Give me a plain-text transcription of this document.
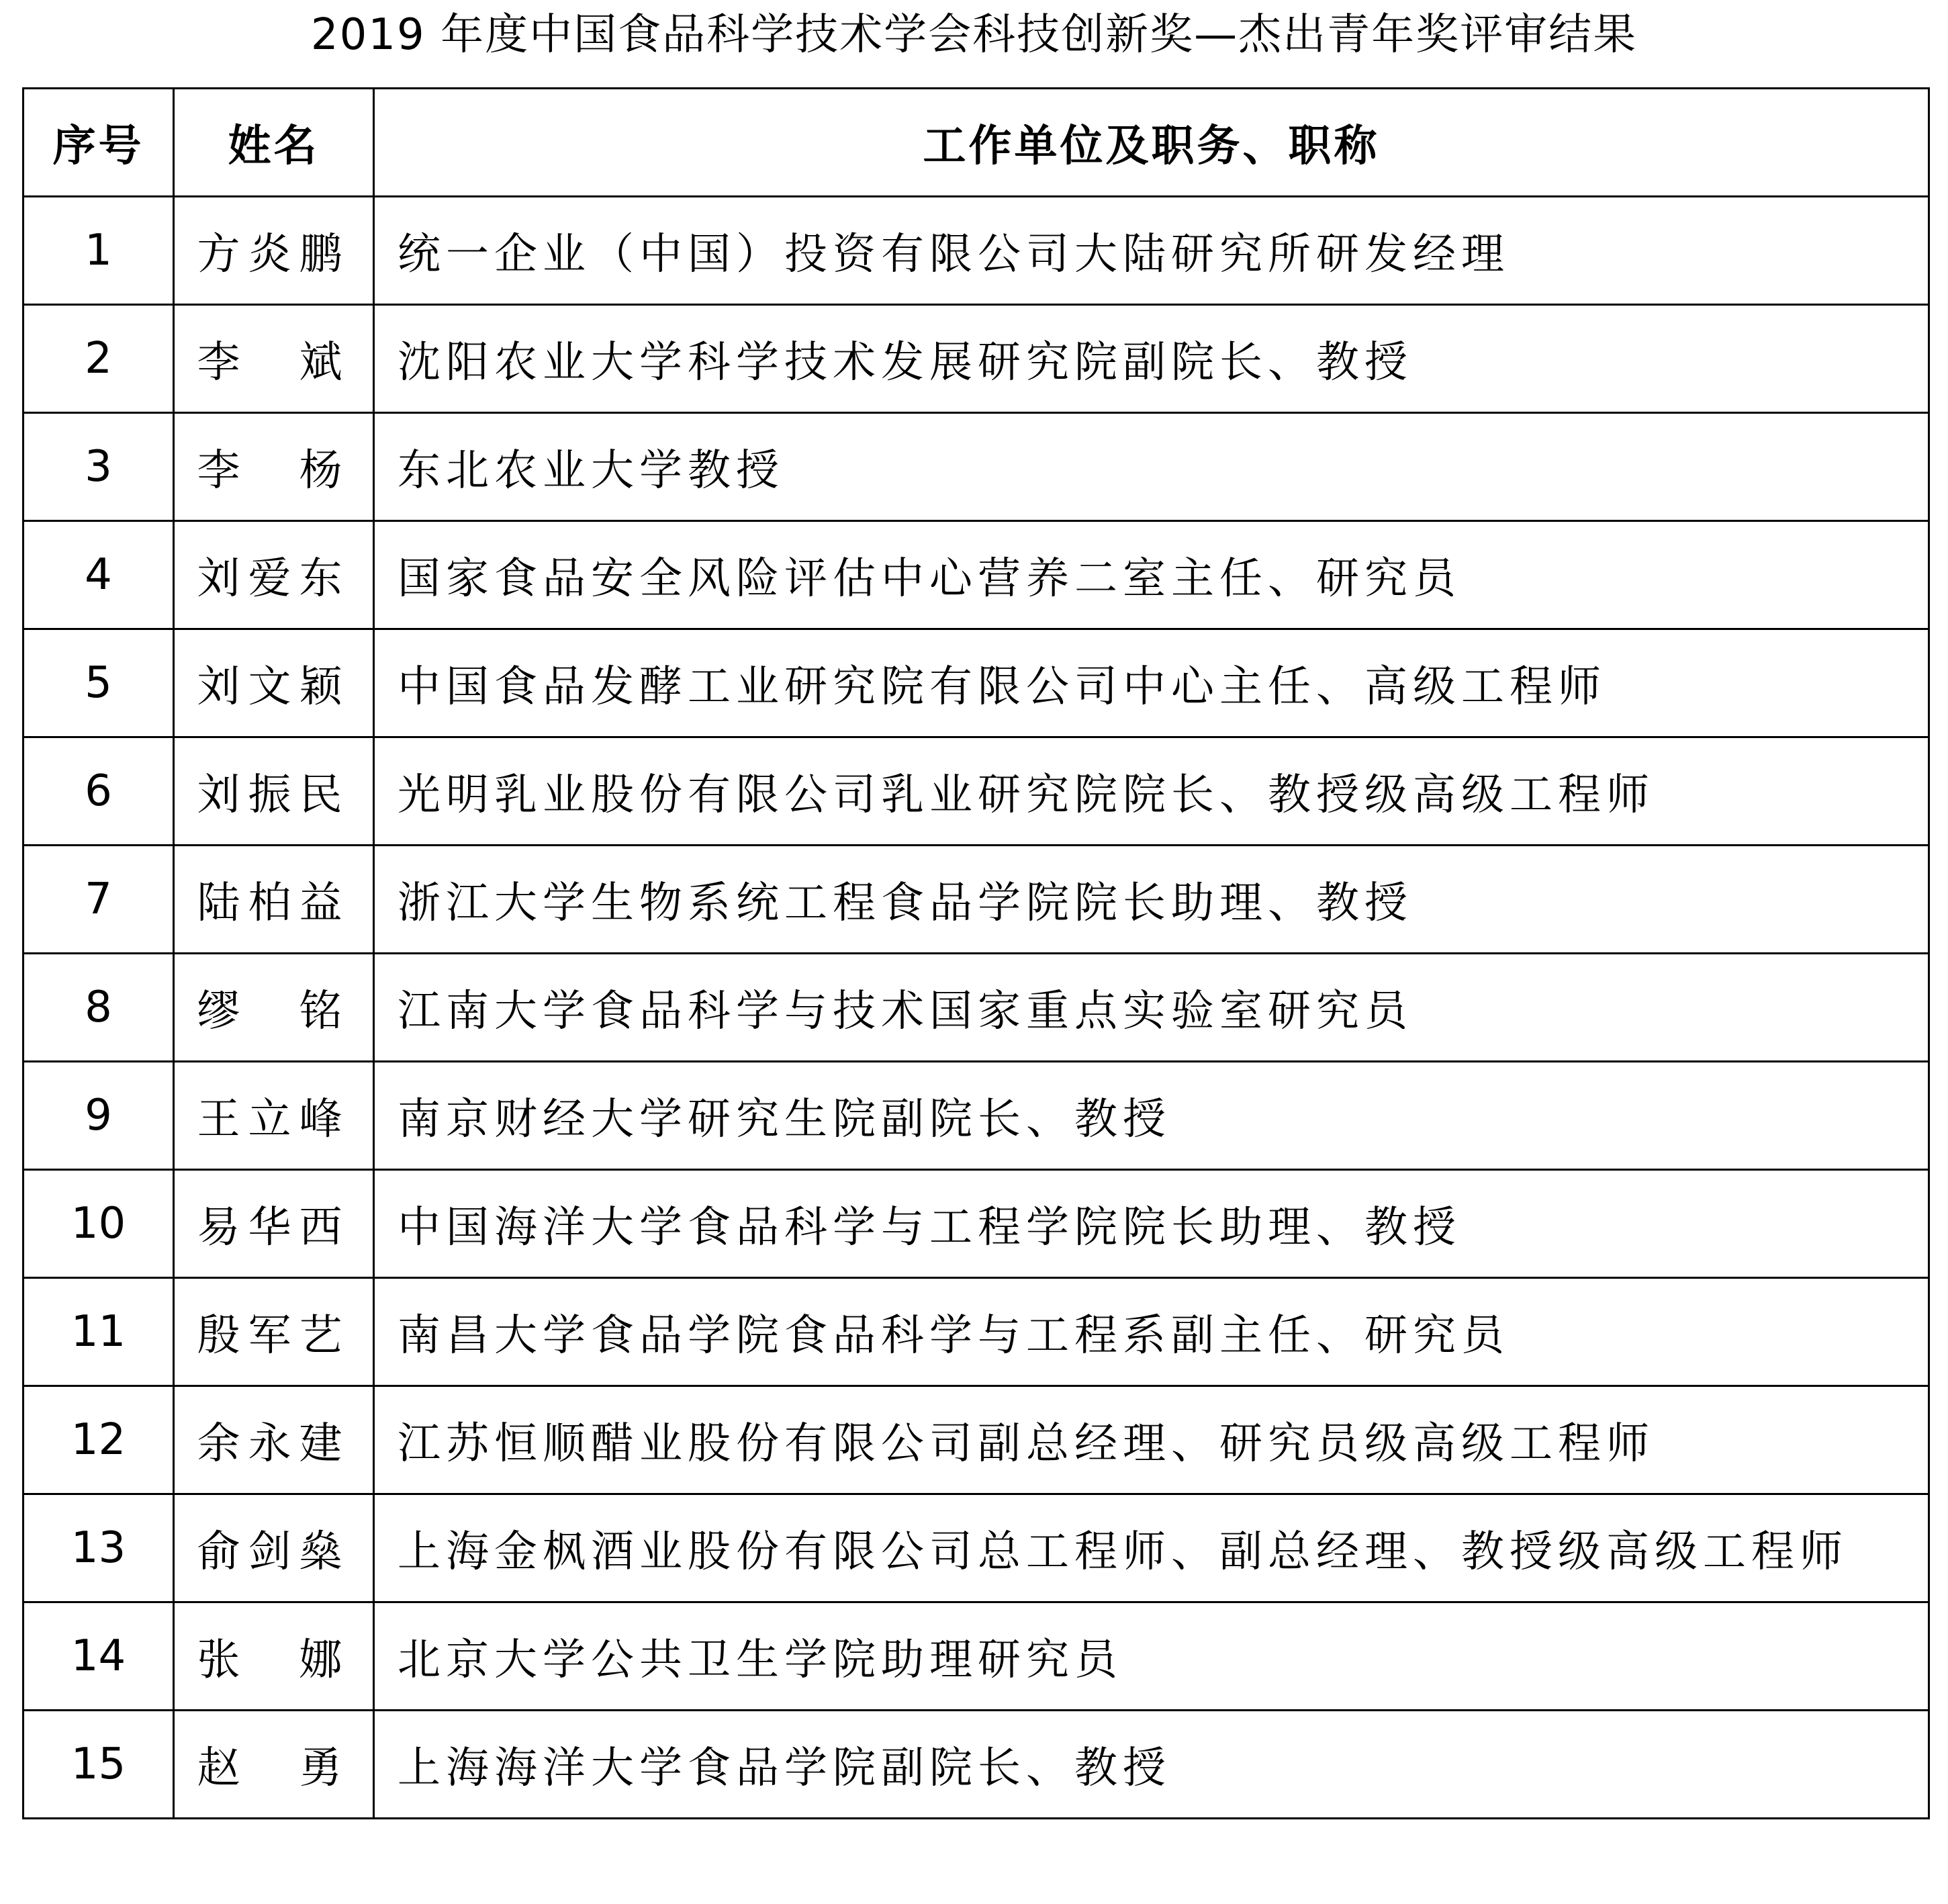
2019 年度中国食品科学技术学会科技创新奖—杰出青年奖评审结果
序号	姓名	工作单位及职务、职称
1	方炎鹏	统一企业（中国）投资有限公司大陆研究所研发经理
2	李　斌	沈阳农业大学科学技术发展研究院副院长、教授
3	李　杨	东北农业大学教授
4	刘爱东	国家食品安全风险评估中心营养二室主任、研究员
5	刘文颖	中国食品发酵工业研究院有限公司中心主任、高级工程师
6	刘振民	光明乳业股份有限公司乳业研究院院长、教授级高级工程师
7	陆柏益	浙江大学生物系统工程食品学院院长助理、教授
8	缪　铭	江南大学食品科学与技术国家重点实验室研究员
9	王立峰	南京财经大学研究生院副院长、教授
10	易华西	中国海洋大学食品科学与工程学院院长助理、教授
11	殷军艺	南昌大学食品学院食品科学与工程系副主任、研究员
12	余永建	江苏恒顺醋业股份有限公司副总经理、研究员级高级工程师
13	俞剑燊	上海金枫酒业股份有限公司总工程师、副总经理、教授级高级工程师
14	张　娜	北京大学公共卫生学院助理研究员
15	赵　勇	上海海洋大学食品学院副院长、教授
